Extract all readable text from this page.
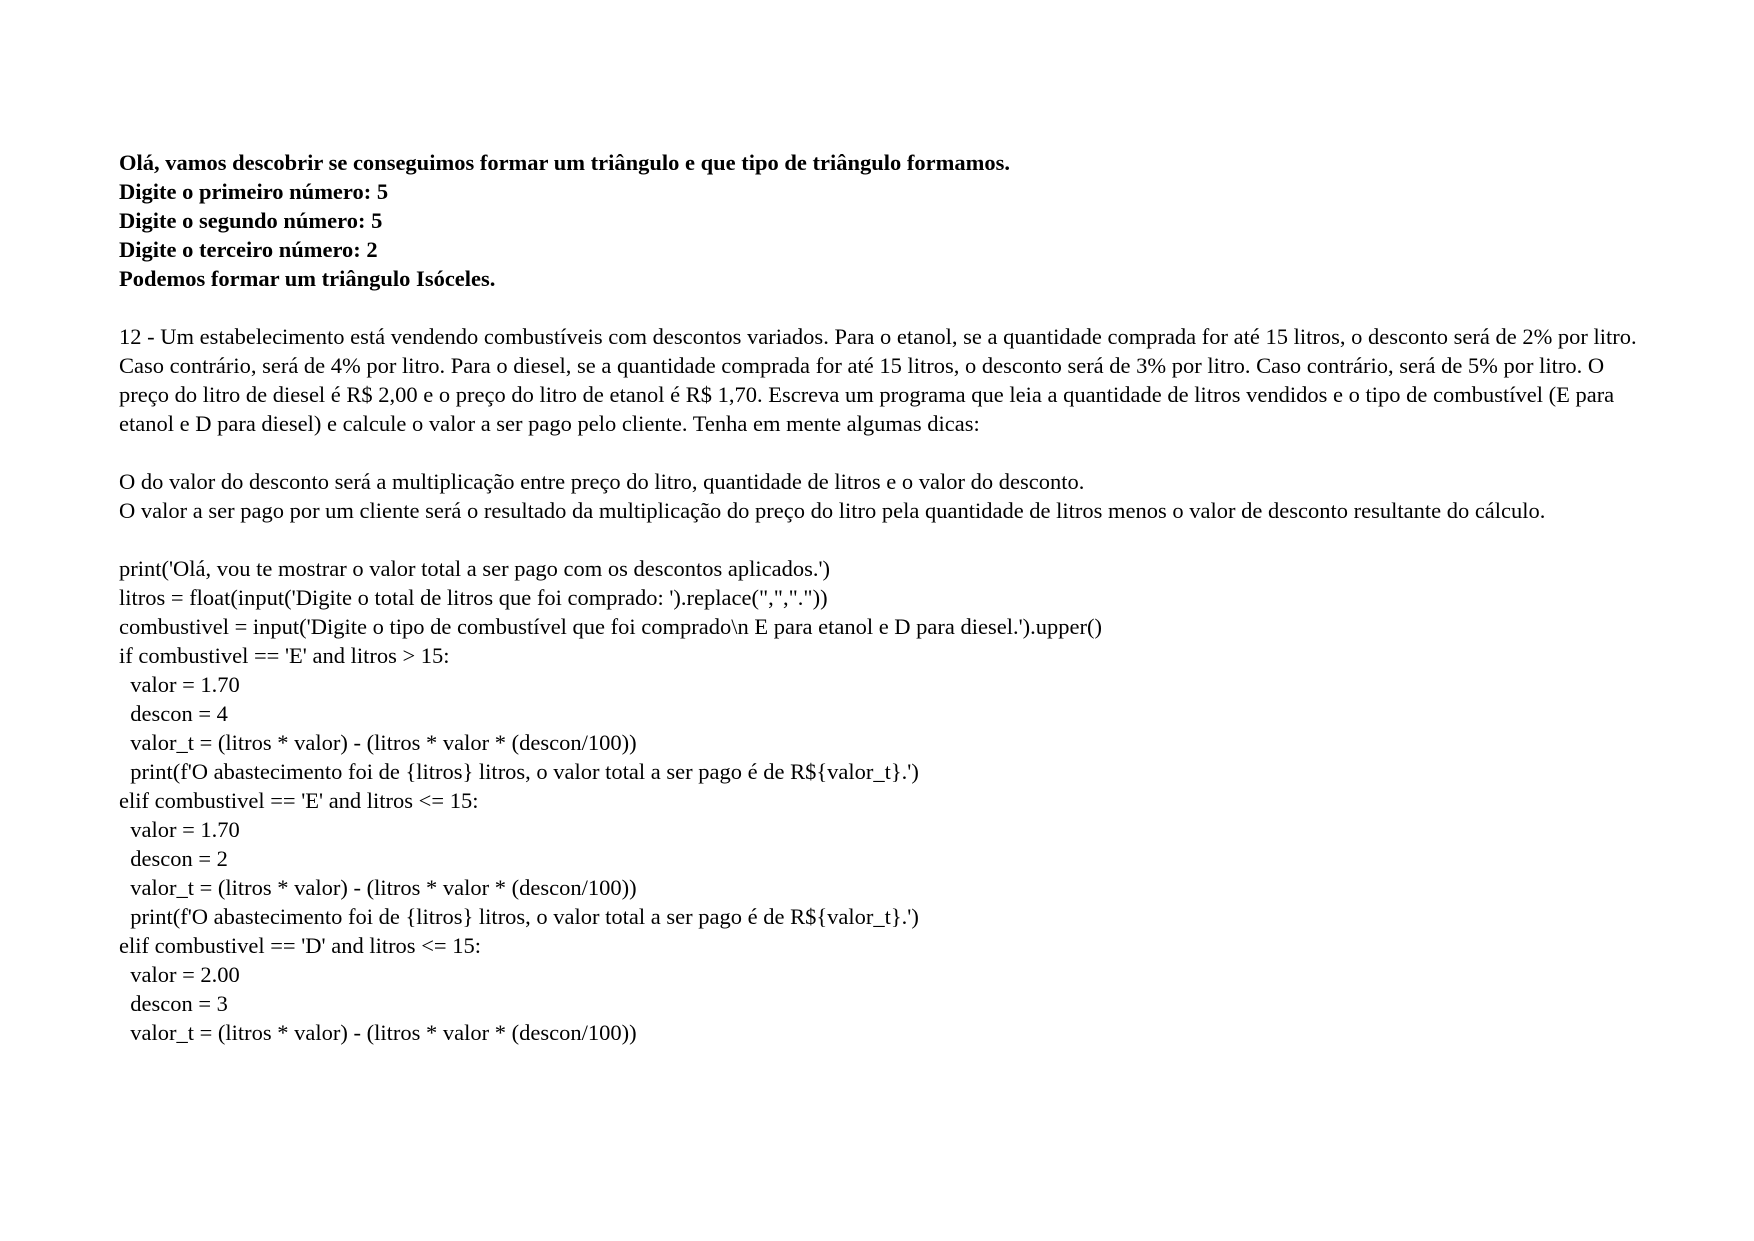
Olá, vamos descobrir se conseguimos formar um triângulo e que tipo de triângulo formamos.
Digite o primeiro número: 5
Digite o segundo número: 5
Digite o terceiro número: 2
Podemos formar um triângulo Isóceles.

12 - Um estabelecimento está vendendo combustíveis com descontos variados. Para o etanol, se a quantidade comprada for até 15 litros, o desconto será de 2% por litro. Caso contrário, será de 4% por litro. Para o diesel, se a quantidade comprada for até 15 litros, o desconto será de 3% por litro. Caso contrário, será de 5% por litro. O preço do litro de diesel é R$ 2,00 e o preço do litro de etanol é R$ 1,70. Escreva um programa que leia a quantidade de litros vendidos e o tipo de combustível (E para etanol e D para diesel) e calcule o valor a ser pago pelo cliente. Tenha em mente algumas dicas:

O do valor do desconto será a multiplicação entre preço do litro, quantidade de litros e o valor do desconto.

O valor a ser pago por um cliente será o resultado da multiplicação do preço do litro pela quantidade de litros menos o valor de desconto resultante do cálculo.

print('Olá, vou te mostrar o valor total a ser pago com os descontos aplicados.')
litros = float(input('Digite o total de litros que foi comprado: ').replace(",","."))
combustivel = input('Digite o tipo de combustível que foi comprado\n E para etanol e D para diesel.').upper()
if combustivel == 'E' and litros > 15:
valor = 1.70
descon = 4
valor_t = (litros * valor) - (litros * valor * (descon/100))
print(f'O abastecimento foi de {litros} litros, o valor total a ser pago é de R${valor_t}.')
elif combustivel == 'E' and litros <= 15:
valor = 1.70
descon = 2
valor_t = (litros * valor) - (litros * valor * (descon/100))
print(f'O abastecimento foi de {litros} litros, o valor total a ser pago é de R${valor_t}.')
elif combustivel == 'D' and litros <= 15:
valor = 2.00
descon = 3
valor_t = (litros * valor) - (litros * valor * (descon/100))
